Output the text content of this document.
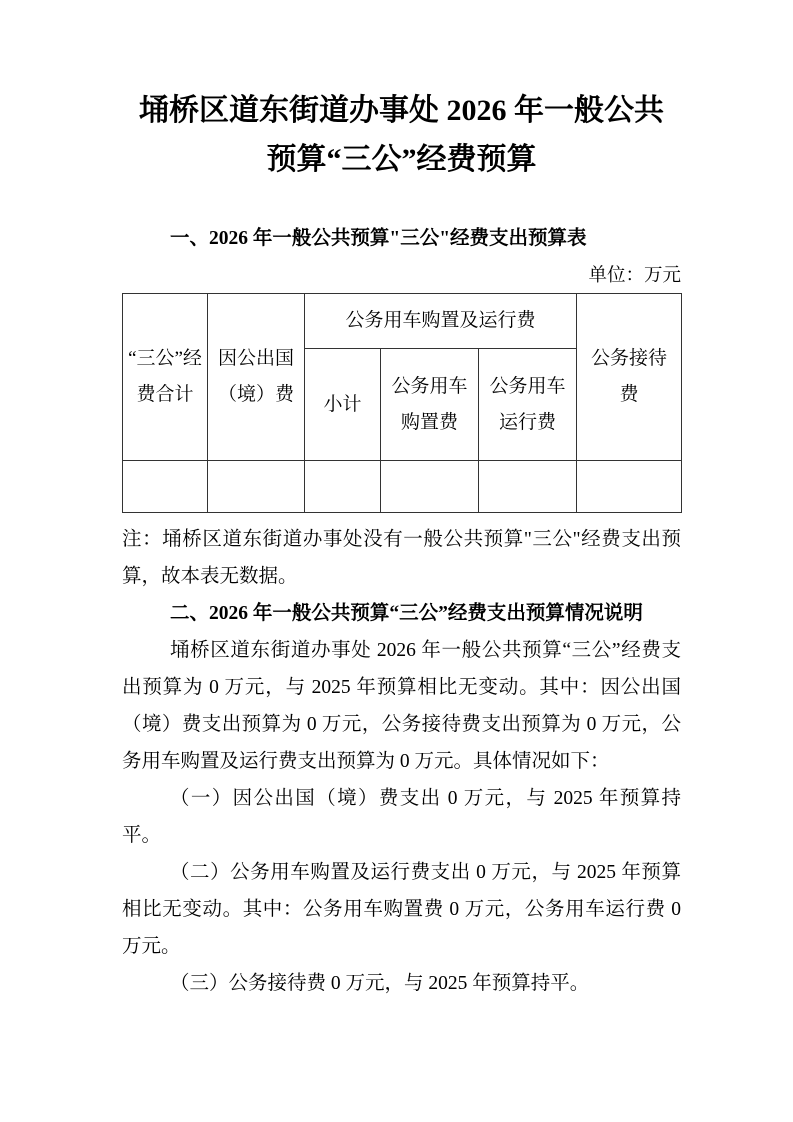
埇桥区道东街道办事处 2026 年一般公共
预算“三公”经费预算
一、2026 年一般公共预算"三公"经费支出预算表
单位：万元
“三公”经费合计	因公出国（境）费	公务用车购置及运行费			公务接待费
		小计	公务用车购置费	公务用车运行费	

注：埇桥区道东街道办事处没有一般公共预算"三公"经费支出预算，故本表无数据。

二、2026 年一般公共预算“三公”经费支出预算情况说明

埇桥区道东街道办事处 2026 年一般公共预算“三公”经费支出预算为 0 万元，与 2025 年预算相比无变动。其中：因公出国（境）费支出预算为 0 万元，公务接待费支出预算为 0 万元，公务用车购置及运行费支出预算为 0 万元。具体情况如下：

（一）因公出国（境）费支出 0 万元，与 2025 年预算持平。

（二）公务用车购置及运行费支出 0 万元，与 2025 年预算相比无变动。其中：公务用车购置费 0 万元，公务用车运行费 0 万元。

（三）公务接待费 0 万元，与 2025 年预算持平。
